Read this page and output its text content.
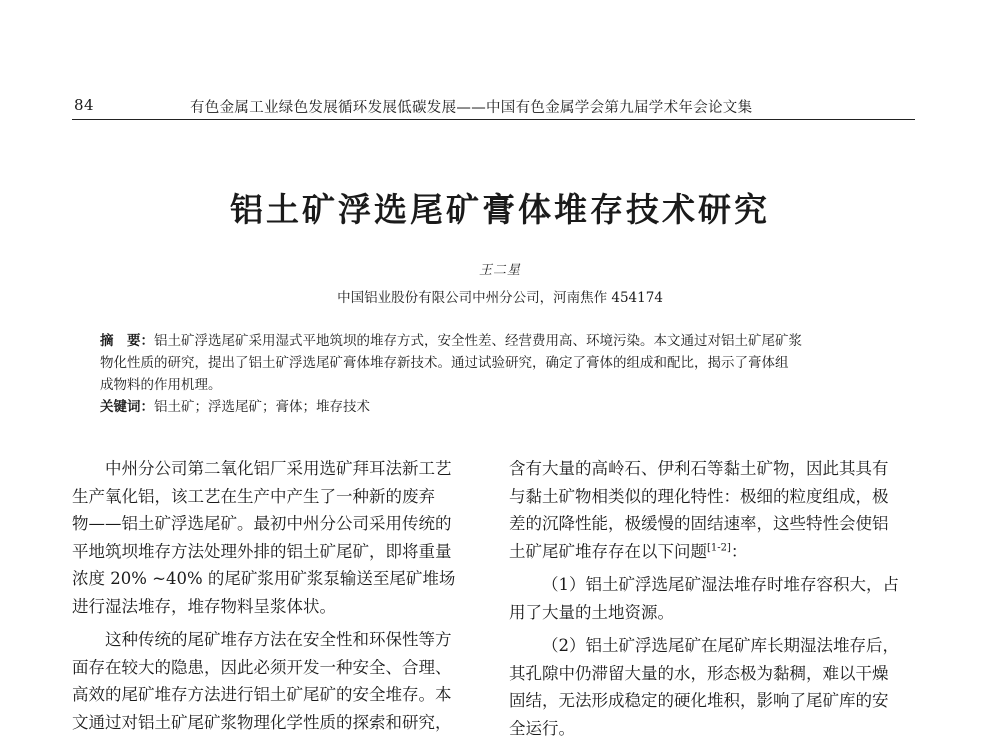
84	有色金属工业绿色发展循环发展低碳发展——中国有色金属学会第九届学术年会论文集
铝土矿浮选尾矿膏体堆存技术研究
王二星
中国铝业股份有限公司中州分公司，河南焦作 454174
摘　要：铝土矿浮选尾矿采用湿式平地筑坝的堆存方式，安全性差、经营费用高、环境污染。本文通过对铝土矿尾矿浆
物化性质的研究，提出了铝土矿浮选尾矿膏体堆存新技术。通过试验研究，确定了膏体的组成和配比，揭示了膏体组
成物料的作用机理。
关键词：铝土矿；浮选尾矿；膏体；堆存技术
中州分公司第二氧化铝厂采用选矿拜耳法新工艺
生产氧化铝，该工艺在生产中产生了一种新的废弃
物——铝土矿浮选尾矿。最初中州分公司采用传统的
平地筑坝堆存方法处理外排的铝土矿尾矿，即将重量
浓度 20% ~40% 的尾矿浆用矿浆泵输送至尾矿堆场
进行湿法堆存，堆存物料呈浆体状。
这种传统的尾矿堆存方法在安全性和环保性等方
面存在较大的隐患，因此必须开发一种安全、合理、
高效的尾矿堆存方法进行铝土矿尾矿的安全堆存。本
文通过对铝土矿尾矿浆物理化学性质的探索和研究，
含有大量的高岭石、伊利石等黏土矿物，因此其具有
与黏土矿物相类似的理化特性：极细的粒度组成，极
差的沉降性能，极缓慢的固结速率，这些特性会使铝
土矿尾矿堆存存在以下问题[1-2]：
（1）铝土矿浮选尾矿湿法堆存时堆存容积大，占
用了大量的土地资源。
（2）铝土矿浮选尾矿在尾矿库长期湿法堆存后，
其孔隙中仍滞留大量的水，形态极为黏稠，难以干燥
固结，无法形成稳定的硬化堆积，影响了尾矿库的安
全运行。
